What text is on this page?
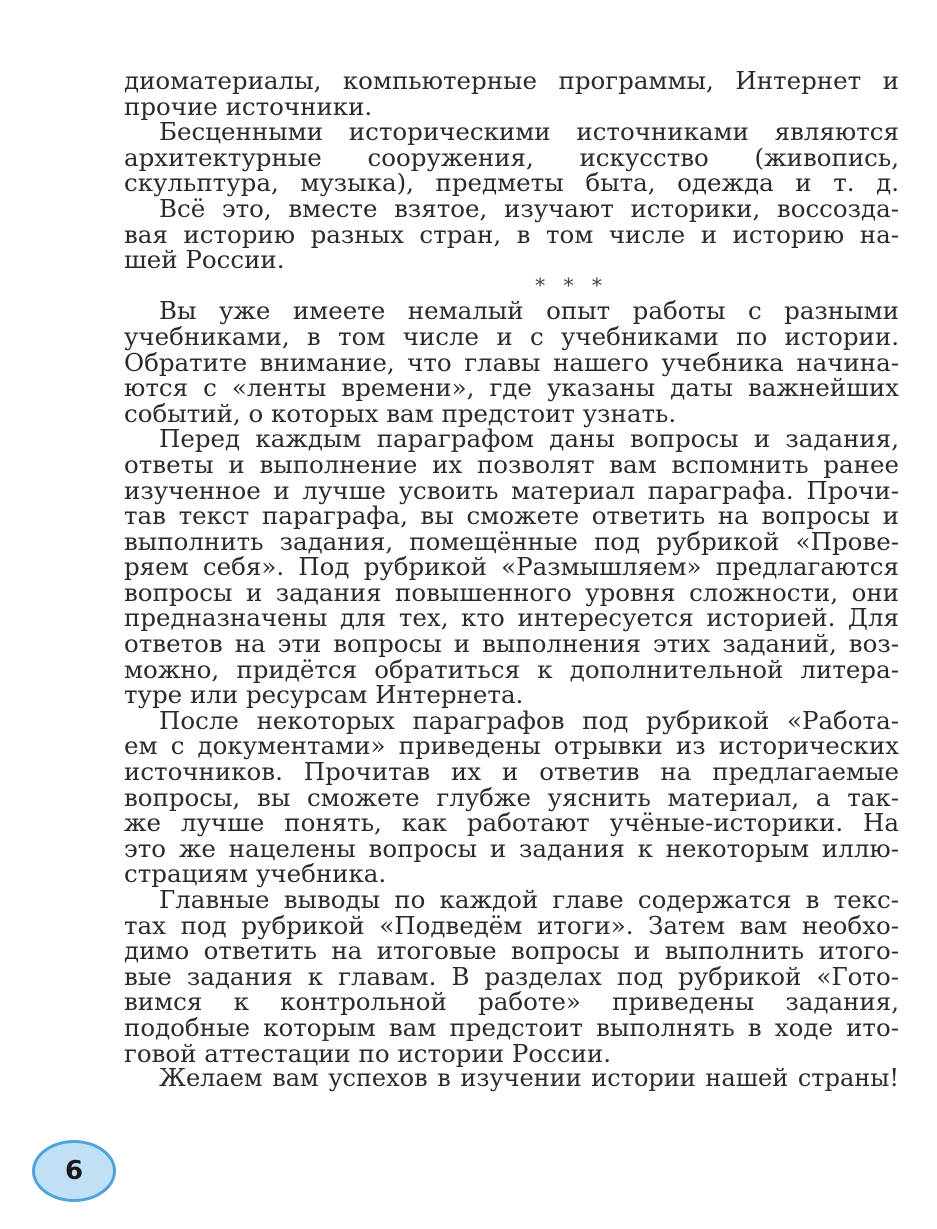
диоматериалы, компьютерные программы, Интернет и
прочие источники.
Бесценными историческими источниками являются
архитектурные сооружения, искусство (живопись,
скульптура, музыка), предметы быта, одежда и т. д.
Всё это, вместе взятое, изучают историки, воссозда-
вая историю разных стран, в том числе и историю на-
шей России.
* * *
Вы уже имеете немалый опыт работы с разными
учебниками, в том числе и с учебниками по истории.
Обратите внимание, что главы нашего учебника начина-
ются с «ленты времени», где указаны даты важнейших
событий, о которых вам предстоит узнать.
Перед каждым параграфом даны вопросы и задания,
ответы и выполнение их позволят вам вспомнить ранее
изученное и лучше усвоить материал параграфа. Прочи-
тав текст параграфа, вы сможете ответить на вопросы и
выполнить задания, помещённые под рубрикой «Прове-
ряем себя». Под рубрикой «Размышляем» предлагаются
вопросы и задания повышенного уровня сложности, они
предназначены для тех, кто интересуется историей. Для
ответов на эти вопросы и выполнения этих заданий, воз-
можно, придётся обратиться к дополнительной литера-
туре или ресурсам Интернета.
После некоторых параграфов под рубрикой «Работа-
ем с документами» приведены отрывки из исторических
источников. Прочитав их и ответив на предлагаемые
вопросы, вы сможете глубже уяснить материал, а так-
же лучше понять, как работают учёные-историки. На
это же нацелены вопросы и задания к некоторым иллю-
страциям учебника.
Главные выводы по каждой главе содержатся в текс-
тах под рубрикой «Подведём итоги». Затем вам необхо-
димо ответить на итоговые вопросы и выполнить итого-
вые задания к главам. В разделах под рубрикой «Гото-
вимся к контрольной работе» приведены задания,
подобные которым вам предстоит выполнять в ходе ито-
говой аттестации по истории России.
Желаем вам успехов в изучении истории нашей страны!
6
